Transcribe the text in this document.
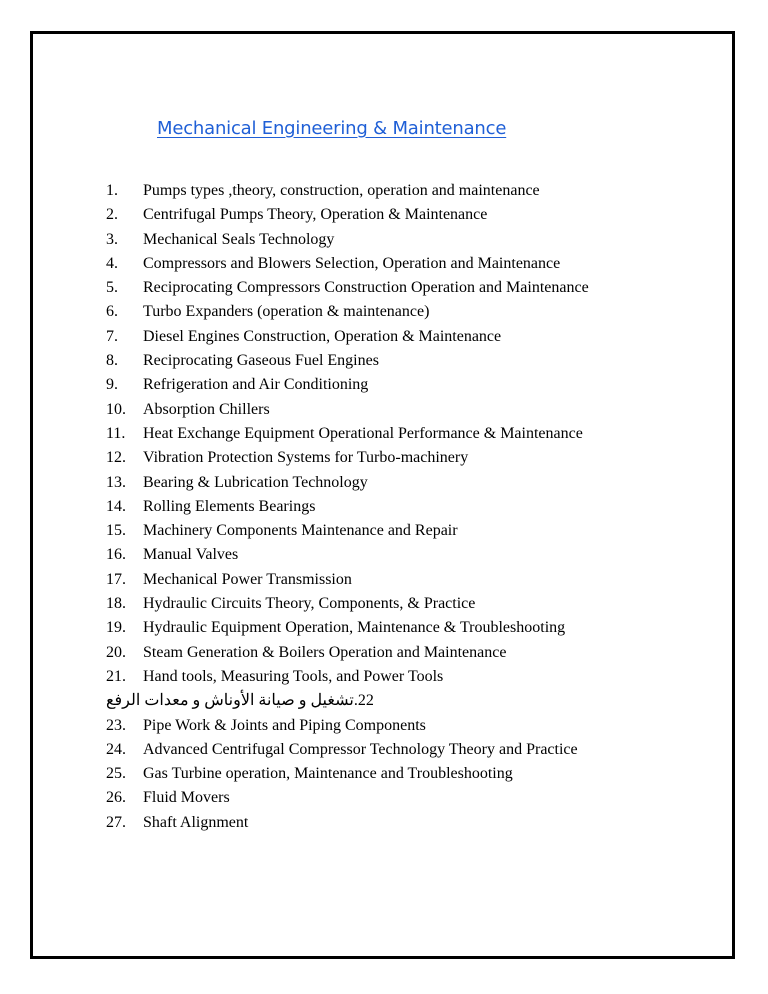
Mechanical Engineering & Maintenance
1. Pumps types ,theory, construction, operation and maintenance
2. Centrifugal Pumps Theory, Operation & Maintenance
3. Mechanical Seals Technology
4. Compressors and Blowers Selection, Operation and Maintenance
5. Reciprocating Compressors Construction Operation and Maintenance
6. Turbo Expanders (operation & maintenance)
7. Diesel Engines Construction, Operation & Maintenance
8. Reciprocating Gaseous Fuel Engines
9. Refrigeration and Air Conditioning
10. Absorption Chillers
11. Heat Exchange Equipment Operational Performance & Maintenance
12. Vibration Protection Systems for Turbo-machinery
13. Bearing & Lubrication Technology
14. Rolling Elements Bearings
15. Machinery Components Maintenance and Repair
16. Manual Valves
17. Mechanical Power Transmission
18. Hydraulic Circuits Theory, Components, & Practice
19. Hydraulic Equipment Operation, Maintenance & Troubleshooting
20. Steam Generation & Boilers Operation and Maintenance
21. Hand tools, Measuring Tools, and Power Tools
تشغيل و صيانة الأوناش و معدات الرفع.22
23. Pipe Work & Joints and Piping Components
24. Advanced Centrifugal Compressor Technology Theory and Practice
25. Gas Turbine operation, Maintenance and Troubleshooting
26. Fluid Movers
27. Shaft Alignment
